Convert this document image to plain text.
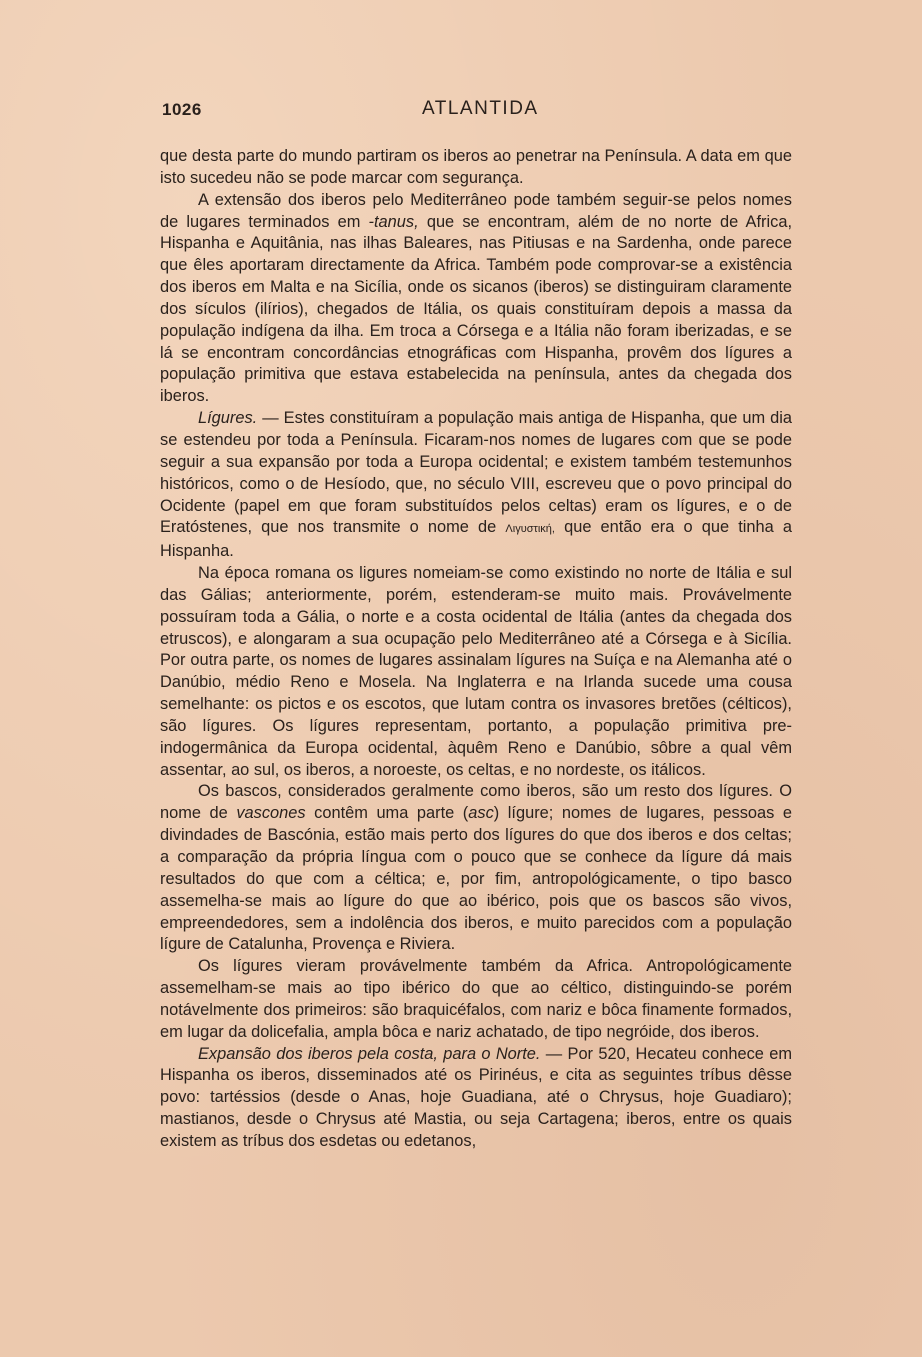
1026	ATLANTIDA

que desta parte do mundo partiram os iberos ao penetrar na Península. A data em que isto sucedeu não se pode marcar com segurança.

A extensão dos iberos pelo Mediterrâneo pode também seguir-se pelos nomes de lugares terminados em -tanus, que se encontram, além de no norte de Africa, Hispanha e Aquitânia, nas ilhas Baleares, nas Pitiusas e na Sardenha, onde parece que êles aportaram directamente da Africa. Também pode comprovar-se a existência dos iberos em Malta e na Sicília, onde os sicanos (iberos) se distinguiram claramente dos sículos (ilírios), chegados de Itália, os quais constituíram depois a massa da população indígena da ilha. Em troca a Córsega e a Itália não foram iberizadas, e se lá se encontram concordâncias etnográficas com Hispanha, provêm dos lígures a população primitiva que estava estabelecida na península, antes da chegada dos iberos.

Lígures. — Estes constituíram a população mais antiga de Hispanha, que um dia se estendeu por toda a Península. Ficaram-nos nomes de lugares com que se pode seguir a sua expansão por toda a Europa ocidental; e existem também testemunhos históricos, como o de Hesíodo, que, no século VIII, escreveu que o povo principal do Ocidente (papel em que foram substituídos pelos celtas) eram os lígures, e o de Eratóstenes, que nos transmite o nome de Λιγυστική, que então era o que tinha a Hispanha.

Na época romana os ligures nomeiam-se como existindo no norte de Itália e sul das Gálias; anteriormente, porém, estenderam-se muito mais. Provávelmente possuíram toda a Gália, o norte e a costa ocidental de Itália (antes da chegada dos etruscos), e alongaram a sua ocupação pelo Mediterrâneo até a Córsega e à Sicília. Por outra parte, os nomes de lugares assinalam lígures na Suíça e na Alemanha até o Danúbio, médio Reno e Mosela. Na Inglaterra e na Irlanda sucede uma cousa semelhante: os pictos e os escotos, que lutam contra os invasores bretões (célticos), são lígures. Os lígures representam, portanto, a população primitiva pre-indogermânica da Europa ocidental, àquêm Reno e Danúbio, sôbre a qual vêm assentar, ao sul, os iberos, a noroeste, os celtas, e no nordeste, os itálicos.

Os bascos, considerados geralmente como iberos, são um resto dos lígures. O nome de vascones contêm uma parte (asc) lígure; nomes de lugares, pessoas e divindades de Bascónia, estão mais perto dos lígures do que dos iberos e dos celtas; a comparação da própria língua com o pouco que se conhece da lígure dá mais resultados do que com a céltica; e, por fim, antropológicamente, o tipo basco assemelha-se mais ao lígure do que ao ibérico, pois que os bascos são vivos, empreendedores, sem a indolência dos iberos, e muito parecidos com a população lígure de Catalunha, Provença e Riviera.

Os lígures vieram provávelmente também da Africa. Antropológicamente assemelham-se mais ao tipo ibérico do que ao céltico, distinguindo-se porém notávelmente dos primeiros: são braquicéfalos, com nariz e bôca finamente formados, em lugar da dolicefalia, ampla bôca e nariz achatado, de tipo negróide, dos iberos.

Expansão dos iberos pela costa, para o Norte. — Por 520, Hecateu conhece em Hispanha os iberos, disseminados até os Pirinéus, e cita as seguintes tríbus dêsse povo: tartéssios (desde o Anas, hoje Guadiana, até o Chrysus, hoje Guadiaro); mastianos, desde o Chrysus até Mastia, ou seja Cartagena; iberos, entre os quais existem as tríbus dos esdetas ou edetanos,
